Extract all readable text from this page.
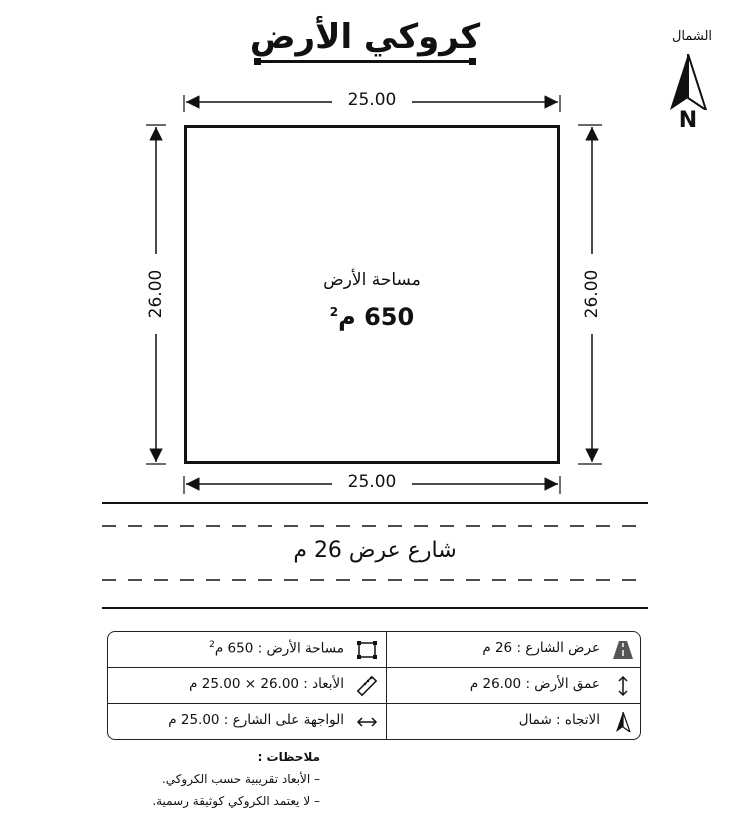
كروكي الأرض	الشمال
N
25.00
25.00
26.00	26.00
مساحة الأرض
650 م$^2$
شارع عرض 26 م
مساحة الأرض : 650 م$^2$
الأبعاد : 26.00 × 25.00 م
الواجهة على الشارع : 25.00 م
عرض الشارع : 26 م
عمق الأرض : 26.00 م
الاتجاه : شمال
ملاحظات :
– الأبعاد تقريبية حسب الكروكي.
– لا يعتمد الكروكي كوثيقة رسمية.
